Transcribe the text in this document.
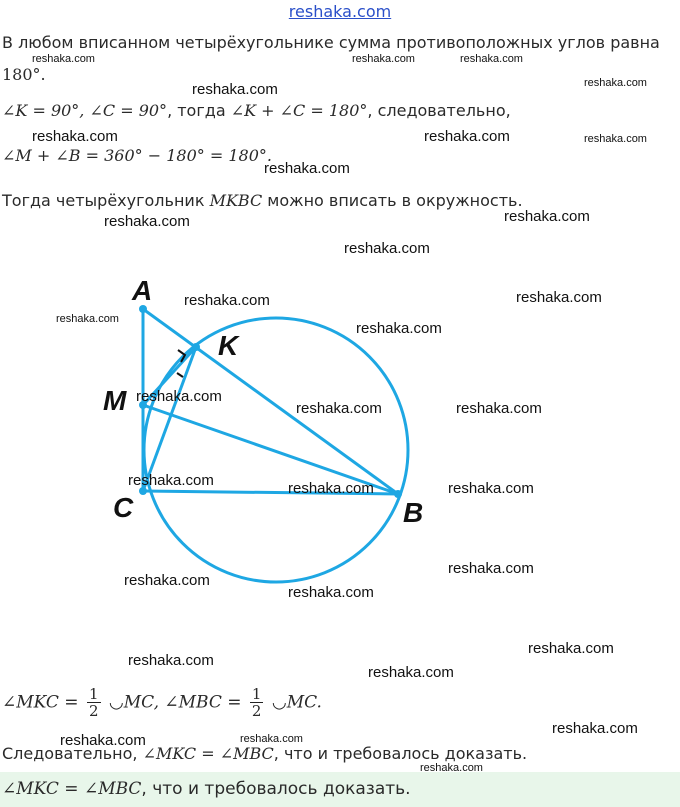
reshaka.com
В любом вписанном четырёхугольнике сумма противоположных углов равна
180°.
∠K = 90°, ∠C = 90°, тогда ∠K + ∠C = 180°, следовательно,
∠M + ∠B = 360° − 180° = 180°.
Тогда четырёхугольник MKBC можно вписать в окружность.
A
K
M
C	B
∠MKC = $\frac{1}{2}$ ◡MC, ∠MBC = $\frac{1}{2}$ ◡MC.
Следовательно, ∠MKC = ∠MBC, что и требовалось доказать.
∠MKC = ∠MBC, что и требовалось доказать.
reshaka.com	reshaka.com	reshaka.com
reshaka.com
reshaka.com
reshaka.com	reshaka.com	reshaka.com
reshaka.com
reshaka.com
reshaka.com
reshaka.com
reshaka.com	reshaka.com
reshaka.com
reshaka.com
reshaka.com
reshaka.com	reshaka.com
reshaka.com	reshaka.com	reshaka.com
reshaka.com
reshaka.com
reshaka.com
reshaka.com
reshaka.com
reshaka.com
reshaka.com
reshaka.com	reshaka.com
reshaka.com
